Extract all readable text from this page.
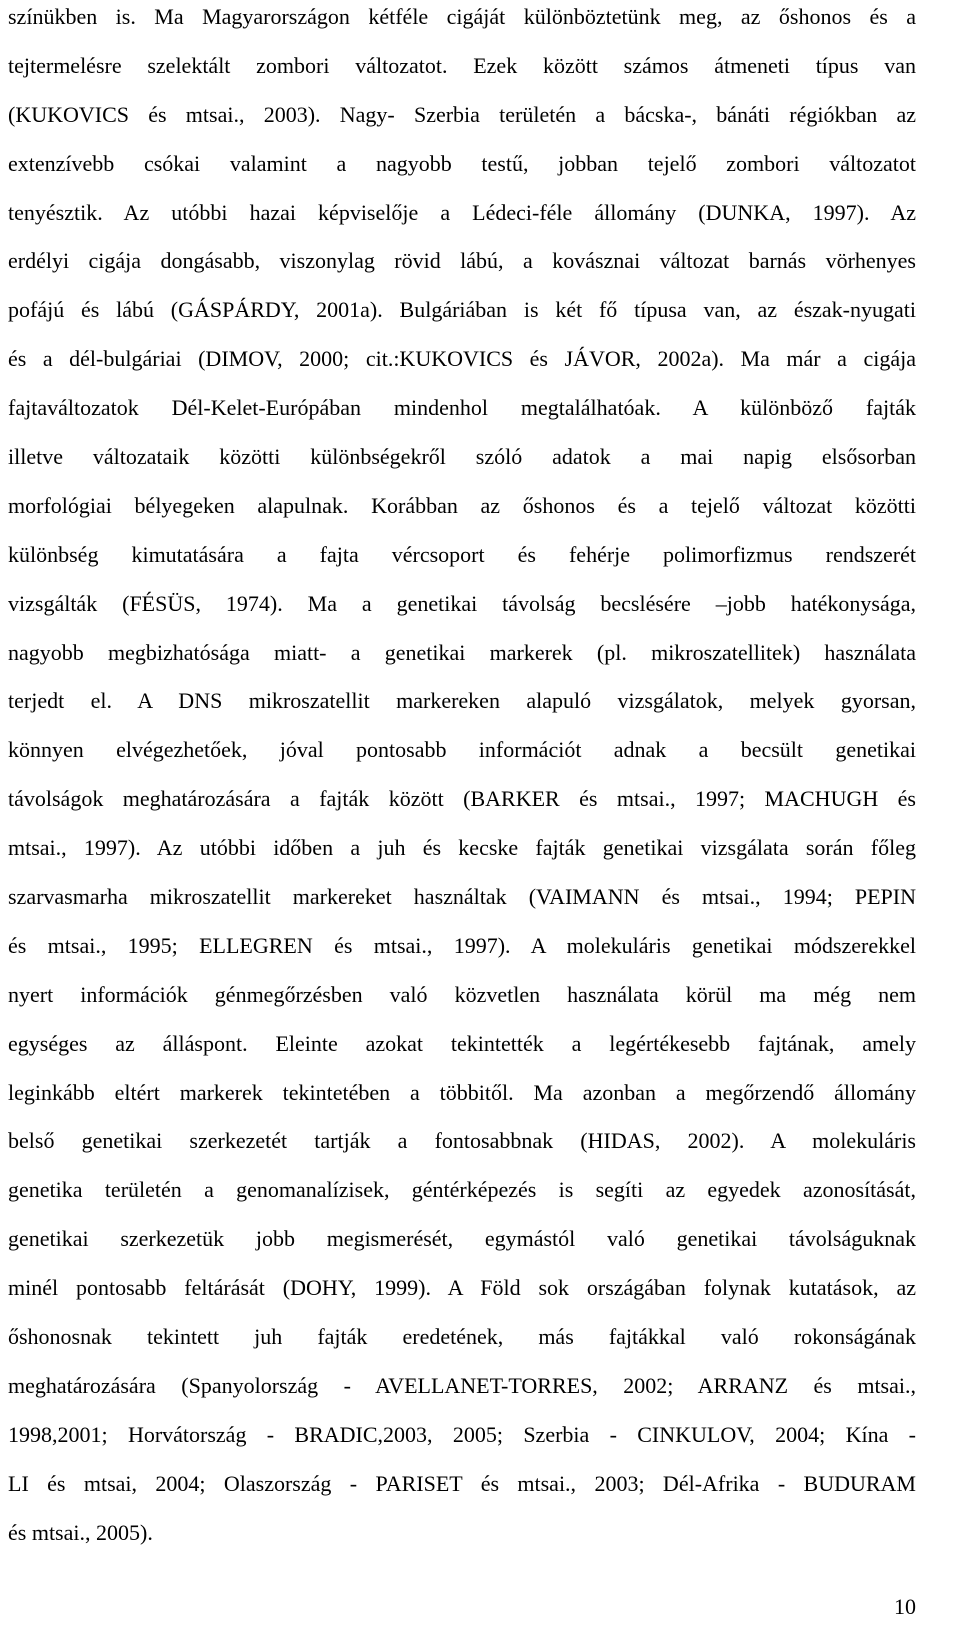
színükben is. Ma Magyarországon kétféle cigáját különböztetünk meg, az őshonos és a
tejtermelésre szelektált zombori változatot. Ezek között számos átmeneti típus van
(KUKOVICS és mtsai., 2003). Nagy- Szerbia területén a bácska-, bánáti régiókban az
extenzívebb csókai valamint a nagyobb testű, jobban tejelő zombori változatot
tenyésztik. Az utóbbi hazai képviselője a Lédeci-féle állomány (DUNKA, 1997). Az
erdélyi cigája dongásabb, viszonylag rövid lábú, a kovásznai változat barnás vörhenyes
pofájú és lábú (GÁSPÁRDY, 2001a). Bulgáriában is két fő típusa van, az észak-nyugati
és a dél-bulgáriai (DIMOV, 2000; cit.:KUKOVICS és JÁVOR, 2002a). Ma már a cigája
fajtaváltozatok Dél-Kelet-Európában mindenhol megtalálhatóak. A különböző fajták
illetve változataik közötti különbségekről szóló adatok a mai napig elsősorban
morfológiai bélyegeken alapulnak. Korábban az őshonos és a tejelő változat közötti
különbség kimutatására a fajta vércsoport és fehérje polimorfizmus rendszerét
vizsgálták (FÉSÜS, 1974). Ma a genetikai távolság becslésére –jobb hatékonysága,
nagyobb megbizhatósága miatt- a genetikai markerek (pl. mikroszatellitek) használata
terjedt el. A DNS mikroszatellit markereken alapuló vizsgálatok, melyek gyorsan,
könnyen elvégezhetőek, jóval pontosabb információt adnak a becsült genetikai
távolságok meghatározására a fajták között (BARKER és mtsai., 1997; MACHUGH és
mtsai., 1997). Az utóbbi időben a juh és kecske fajták genetikai vizsgálata során főleg
szarvasmarha mikroszatellit markereket használtak (VAIMANN és mtsai., 1994; PEPIN
és mtsai., 1995; ELLEGREN és mtsai., 1997). A molekuláris genetikai módszerekkel
nyert információk génmegőrzésben való közvetlen használata körül ma még nem
egységes az álláspont. Eleinte azokat tekintették a legértékesebb fajtának, amely
leginkább eltért markerek tekintetében a többitől. Ma azonban a megőrzendő állomány
belső genetikai szerkezetét tartják a fontosabbnak (HIDAS, 2002). A molekuláris
genetika területén a genomanalízisek, géntérképezés is segíti az egyedek azonosítását,
genetikai szerkezetük jobb megismerését, egymástól való genetikai távolságuknak
minél pontosabb feltárását (DOHY, 1999). A Föld sok országában folynak kutatások, az
őshonosnak tekintett juh fajták eredetének, más fajtákkal való rokonságának
meghatározására (Spanyolország - AVELLANET-TORRES, 2002; ARRANZ és mtsai.,
1998,2001; Horvátország - BRADIC,2003, 2005; Szerbia - CINKULOV, 2004; Kína -
LI és mtsai, 2004; Olaszország - PARISET és mtsai., 2003; Dél-Afrika - BUDURAM
és mtsai., 2005).
10
